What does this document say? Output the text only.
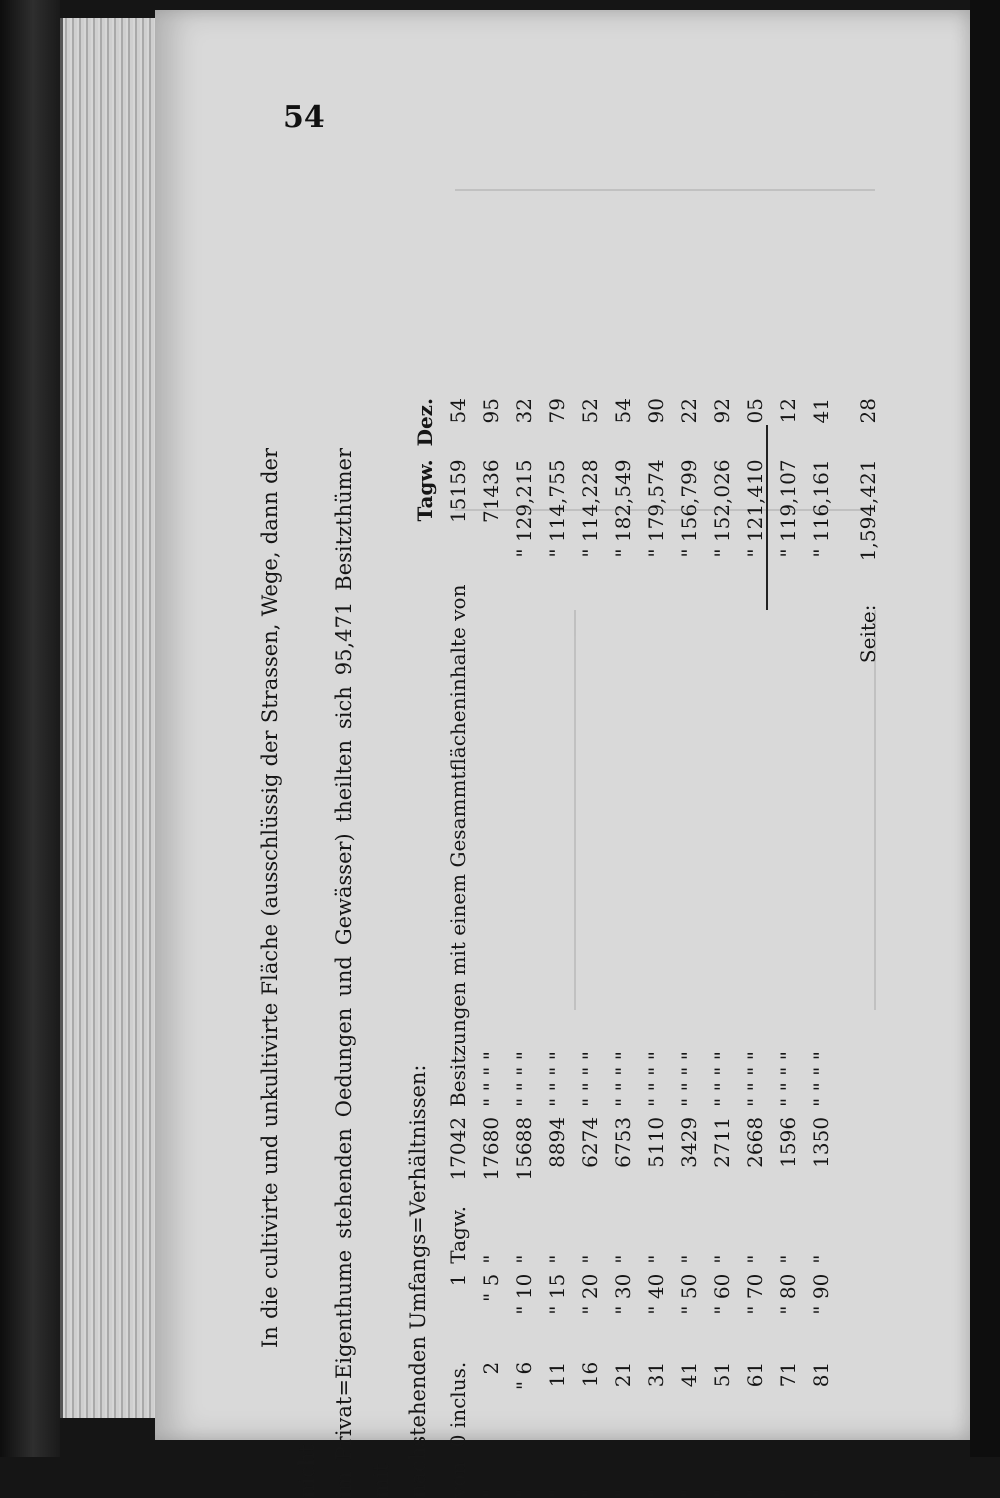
54

In die cultivirte und unkultivirte Fläche (ausschlüssig der Strassen, Wege, dann der nicht im Privat=Eigenthume stehenden Oedungen und Gewässer) theilten sich 95,471 Besitzthümer mit nachstehenden Umfangs=Verhältnissen:

						Tagw.	Dez.
von	0 inclus.	1	Tagw.	17042	Besitzungen mit einem Gesammtflächeninhalte von	15159	54
"	2	" 5	"	17680	" " " "	71436	95
"	" 6	" 10	"	15688	" " " "	" 129,215	32
"	11	" 15	"	8894	" " " "	" 114,755	79
"	16	" 20	"	6274	" " " "	" 114,228	52
"	21	" 30	"	6753	" " " "	" 182,549	54
"	31	" 40	"	5110	" " " "	" 179,574	90
"	41	" 50	"	3429	" " " "	" 156,799	22
"	51	" 60	"	2711	" " " "	" 152,026	92
"	61	" 70	"	2668	" " " "	" 121,410	05
"	71	" 80	"	1596	" " " "	" 119,107	12
"	81	" 90	"	1350	" " " "	" 116,161	41
					Seite:	1,594,421	28
